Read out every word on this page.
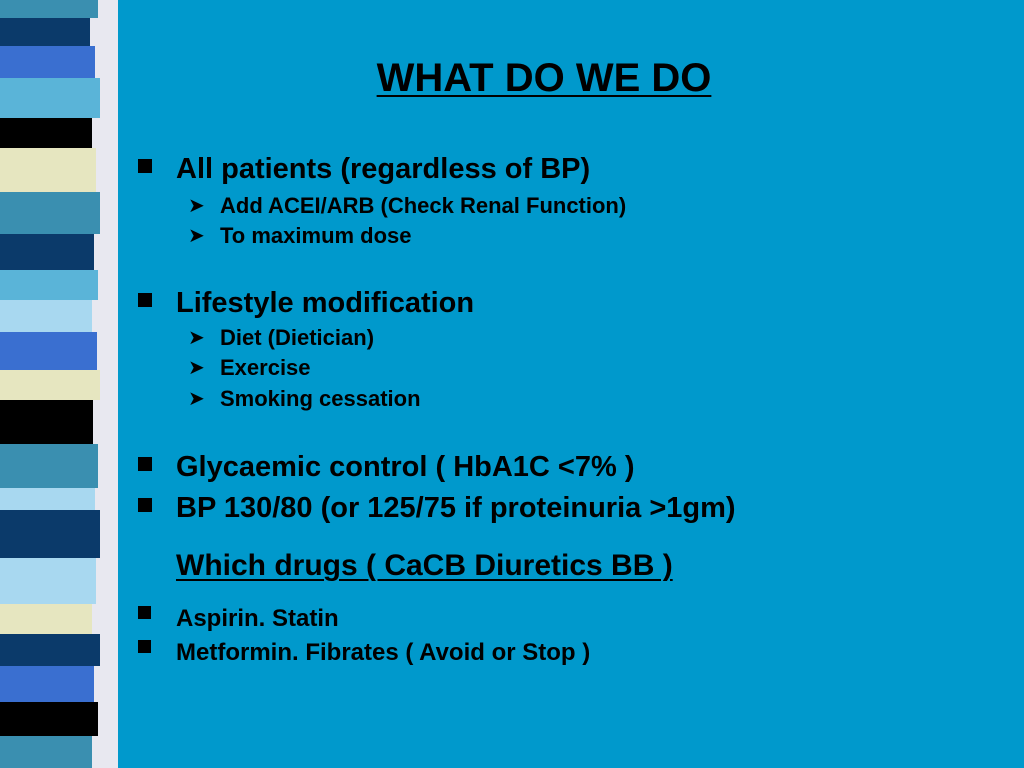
WHAT DO WE DO
All patients (regardless of BP)
➤ Add ACEI/ARB (Check Renal Function)
➤ To maximum dose
Lifestyle modification
➤ Diet (Dietician)
➤ Exercise
➤ Smoking cessation
Glycaemic control ( HbA1C <7% )
BP 130/80 (or 125/75 if proteinuria >1gm)
Which drugs ( CaCB Diuretics BB )
Aspirin. Statin
Metformin. Fibrates ( Avoid or Stop )
